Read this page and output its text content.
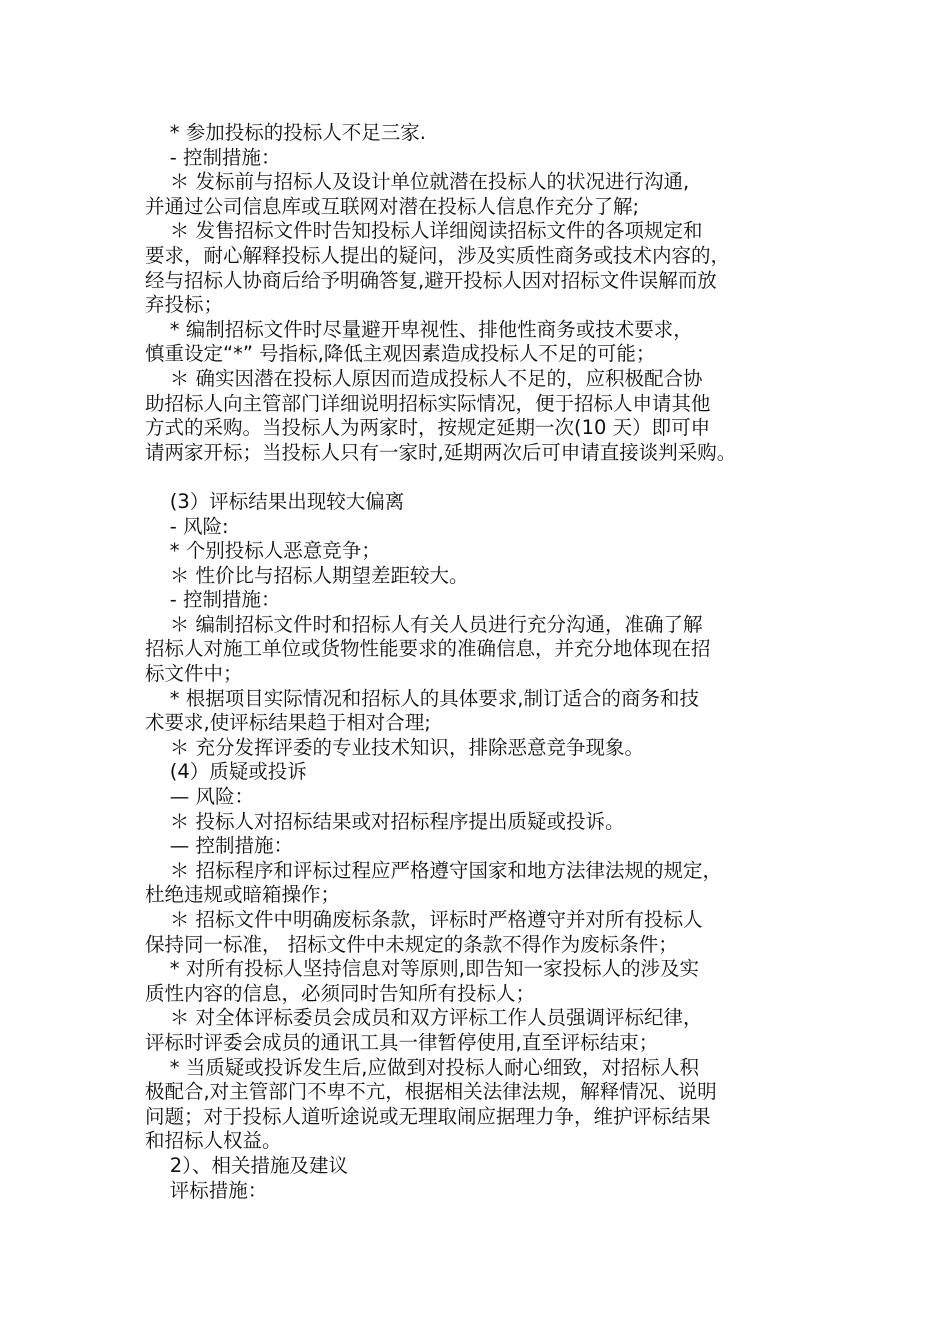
* 参加投标的投标人不足三家.
- 控制措施：
＊ 发标前与招标人及设计单位就潜在投标人的状况进行沟通,
并通过公司信息库或互联网对潜在投标人信息作充分了解;
＊ 发售招标文件时告知投标人详细阅读招标文件的各项规定和
要求，耐心解释投标人提出的疑问，涉及实质性商务或技术内容的，
经与招标人协商后给予明确答复,避开投标人因对招标文件误解而放
弃投标；
* 编制招标文件时尽量避开卑视性、排他性商务或技术要求，
慎重设定“*” 号指标,降低主观因素造成投标人不足的可能；
＊ 确实因潜在投标人原因而造成投标人不足的，应积极配合协
助招标人向主管部门详细说明招标实际情况，便于招标人申请其他
方式的采购。当投标人为两家时，按规定延期一次(10 天）即可申
请两家开标；当投标人只有一家时,延期两次后可申请直接谈判采购。
(3）评标结果出现较大偏离
- 风险:
* 个别投标人恶意竞争；
＊ 性价比与招标人期望差距较大。
- 控制措施：
＊ 编制招标文件时和招标人有关人员进行充分沟通，准确了解
招标人对施工单位或货物性能要求的准确信息，并充分地体现在招
标文件中；
* 根据项目实际情况和招标人的具体要求,制订适合的商务和技
术要求,使评标结果趋于相对合理;
＊ 充分发挥评委的专业技术知识，排除恶意竞争现象。
(4）质疑或投诉
— 风险：
＊ 投标人对招标结果或对招标程序提出质疑或投诉。
— 控制措施：
＊ 招标程序和评标过程应严格遵守国家和地方法律法规的规定，
杜绝违规或暗箱操作；
＊ 招标文件中明确废标条款，评标时严格遵守并对所有投标人
保持同一标准， 招标文件中未规定的条款不得作为废标条件；
* 对所有投标人坚持信息对等原则,即告知一家投标人的涉及实
质性内容的信息，必须同时告知所有投标人；
＊ 对全体评标委员会成员和双方评标工作人员强调评标纪律，
评标时评委会成员的通讯工具一律暂停使用,直至评标结束；
* 当质疑或投诉发生后,应做到对投标人耐心细致，对招标人积
极配合,对主管部门不卑不亢，根据相关法律法规，解释情况、说明
问题；对于投标人道听途说或无理取闹应据理力争，维护评标结果
和招标人权益。
2）、相关措施及建议
评标措施：
